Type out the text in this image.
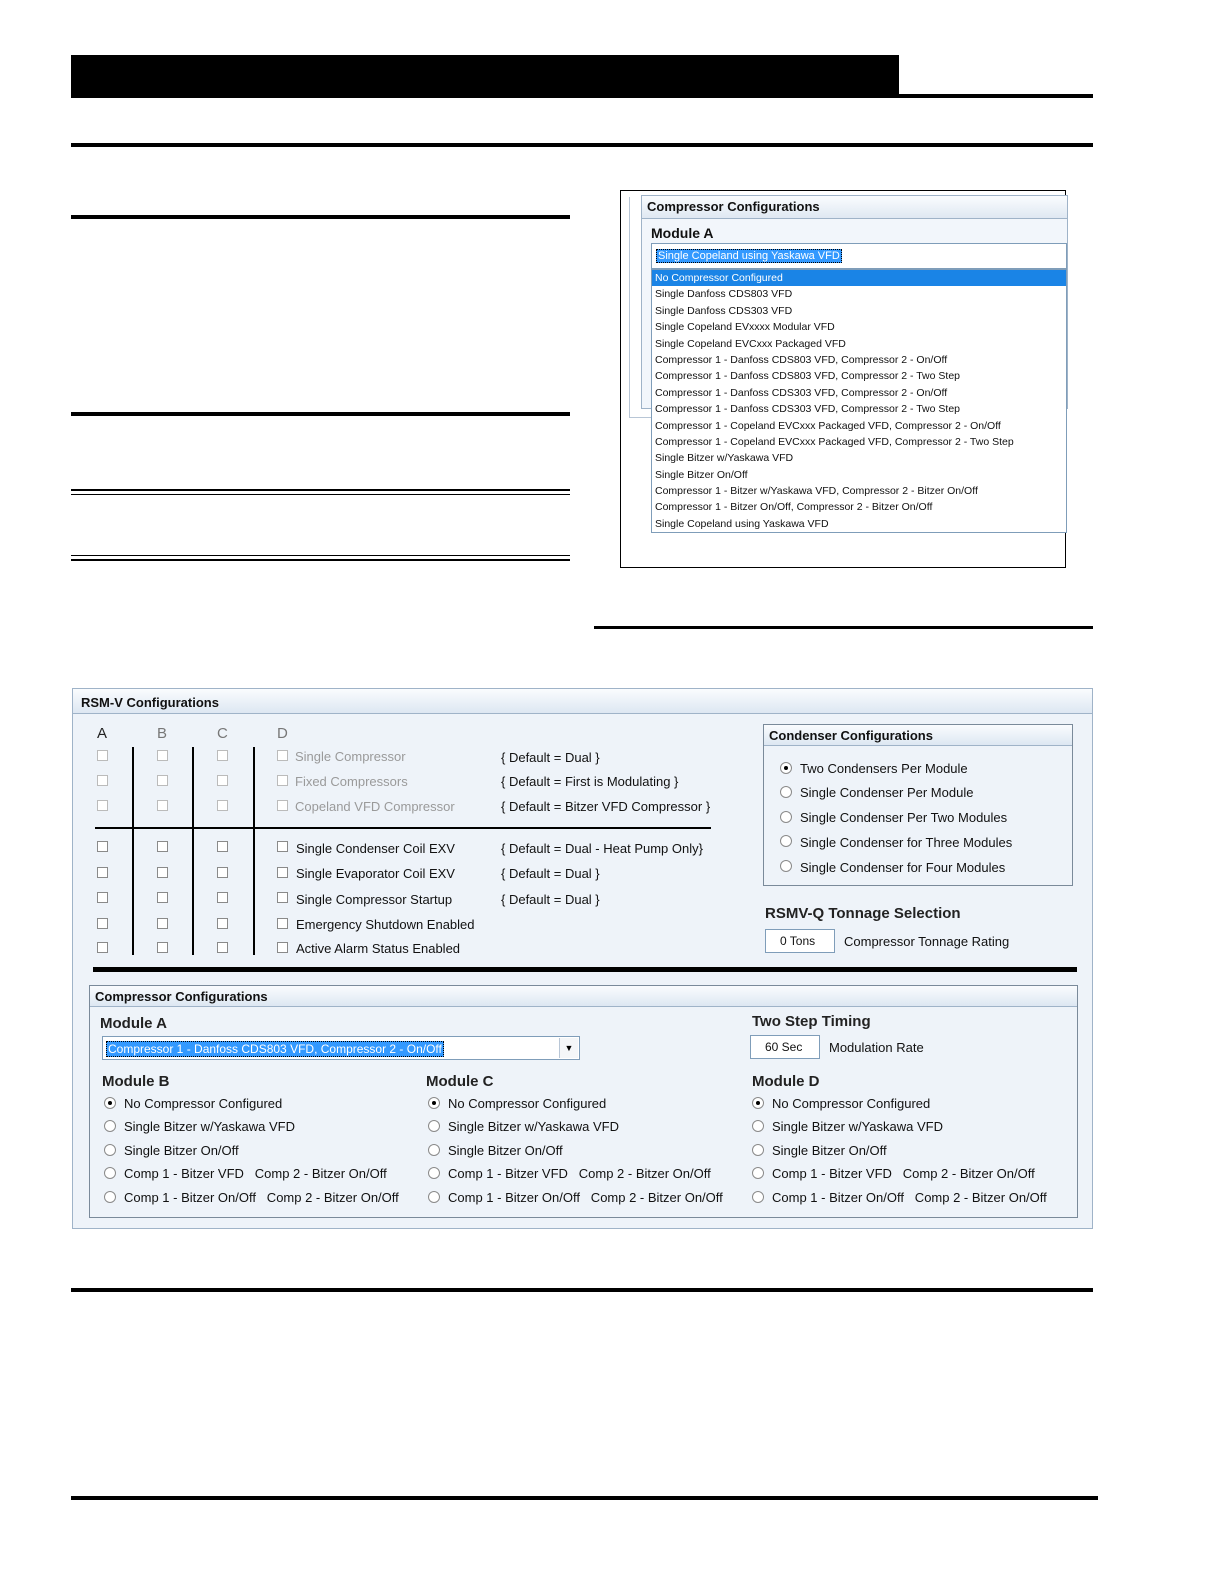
Compressor Configurations
Module A
Single Copeland using Yaskawa VFD
No Compressor Configured
Single Danfoss CDS803 VFD
Single Danfoss CDS303 VFD
Single Copeland EVxxxx Modular VFD
Single Copeland EVCxxx Packaged VFD
Compressor 1 - Danfoss CDS803 VFD, Compressor 2 - On/Off
Compressor 1 - Danfoss CDS803 VFD, Compressor 2 - Two Step
Compressor 1 - Danfoss CDS303 VFD, Compressor 2 - On/Off
Compressor 1 - Danfoss CDS303 VFD, Compressor 2 - Two Step
Compressor 1 - Copeland EVCxxx Packaged VFD, Compressor 2 - On/Off
Compressor 1 - Copeland EVCxxx Packaged VFD, Compressor 2 - Two Step
Single Bitzer w/Yaskawa VFD
Single Bitzer On/Off
Compressor 1 - Bitzer w/Yaskawa VFD, Compressor 2 - Bitzer On/Off
Compressor 1 - Bitzer On/Off, Compressor 2 - Bitzer On/Off
Single Copeland using Yaskawa VFD
RSM-V Configurations
A	B	C	D
Single Compressor	{ Default = Dual }
Fixed Compressors	{ Default = First is Modulating }
Copeland VFD Compressor	{ Default = Bitzer VFD Compressor }
Single Condenser Coil EXV	{ Default = Dual - Heat Pump Only}
Single Evaporator Coil EXV	{ Default = Dual }
Single Compressor Startup	{ Default = Dual }
Emergency Shutdown Enabled
Active Alarm Status Enabled
Condenser Configurations
Two Condensers Per Module
Single Condenser Per Module
Single Condenser Per Two Modules
Single Condenser for Three Modules
Single Condenser for Four Modules
RSMV-Q Tonnage Selection
0 Tons	Compressor Tonnage Rating
Compressor Configurations
Module A
Compressor 1 - Danfoss CDS803 VFD, Compressor 2 - On/Off	▼
Two Step Timing
60 Sec	Modulation Rate
Module B
No Compressor Configured
Single Bitzer w/Yaskawa VFD
Single Bitzer On/Off
Comp 1 - Bitzer VFD   Comp 2 - Bitzer On/Off
Comp 1 - Bitzer On/Off   Comp 2 - Bitzer On/Off
Module C
No Compressor Configured
Single Bitzer w/Yaskawa VFD
Single Bitzer On/Off
Comp 1 - Bitzer VFD   Comp 2 - Bitzer On/Off
Comp 1 - Bitzer On/Off   Comp 2 - Bitzer On/Off
Module D
No Compressor Configured
Single Bitzer w/Yaskawa VFD
Single Bitzer On/Off
Comp 1 - Bitzer VFD   Comp 2 - Bitzer On/Off
Comp 1 - Bitzer On/Off   Comp 2 - Bitzer On/Off
